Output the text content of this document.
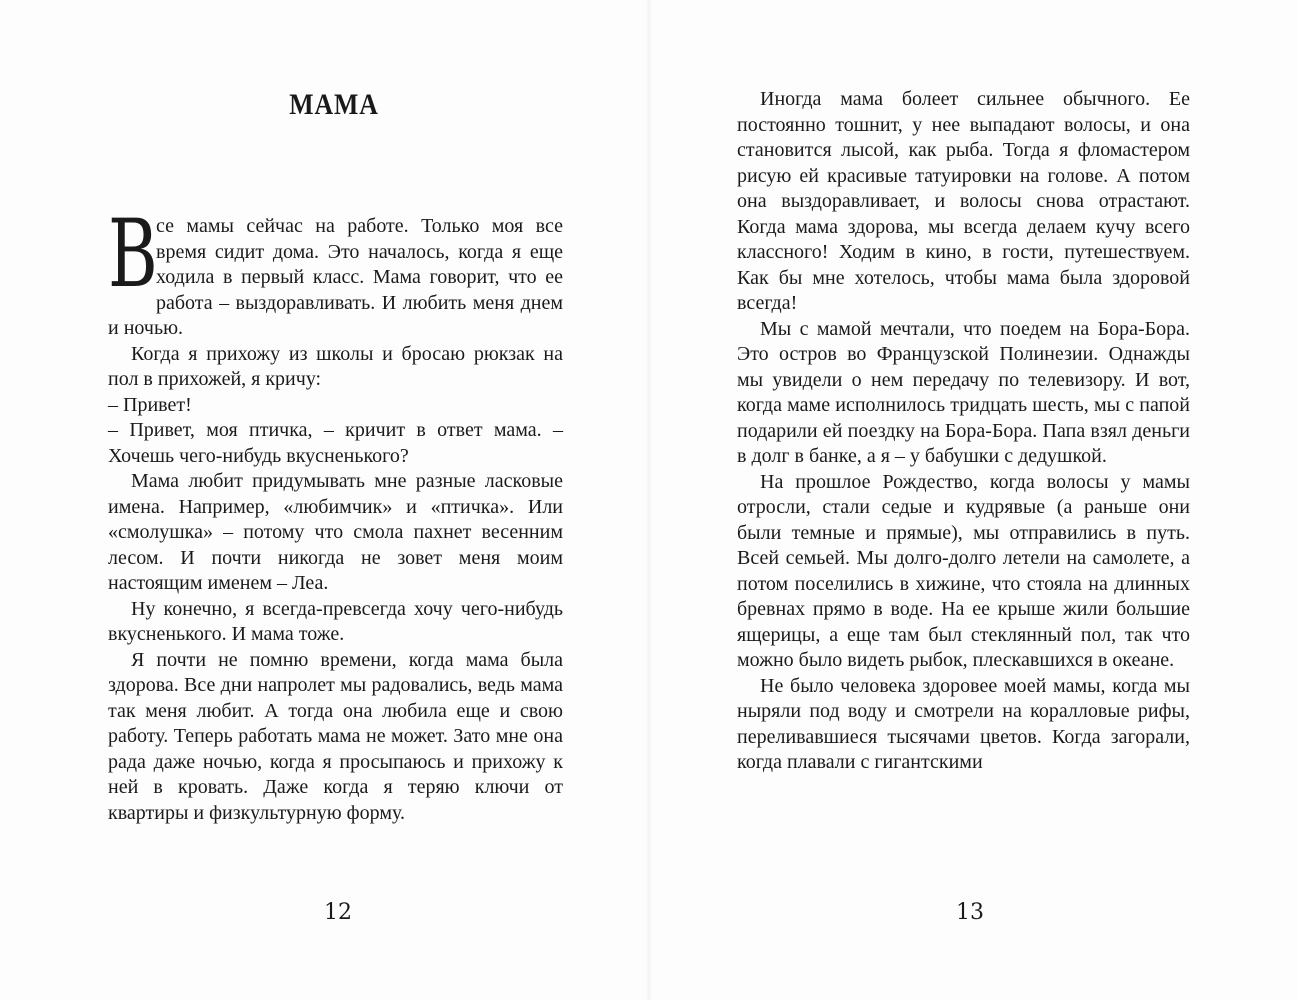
МАМА

В
се мамы сейчас на работе. Только моя все время сидит дома. Это началось, когда я еще ходила в первый класс. Мама говорит, что ее работа – выздоравливать. И любить меня днем и ночью.

Когда я прихожу из школы и бросаю рюкзак на пол в прихожей, я кричу:

– Привет!

– Привет, моя птичка, – кричит в ответ мама. – Хочешь чего-нибудь вкусненького?

Мама любит придумывать мне разные ласковые имена. Например, «любимчик» и «птичка». Или «смолушка» – потому что смола пахнет весенним лесом. И почти никогда не зовет меня моим настоящим именем – Леа.

Ну конечно, я всегда-превсегда хочу чего-нибудь вкусненького. И мама тоже.

Я почти не помню времени, когда мама была здорова. Все дни напролет мы радовались, ведь мама так меня любит. А тогда она любила еще и свою работу. Теперь работать мама не может. Зато мне она рада даже ночью, когда я просыпаюсь и прихожу к ней в кровать. Даже когда я теряю ключи от квартиры и физкультурную форму.

12

Иногда мама болеет сильнее обычного. Ее постоянно тошнит, у нее выпадают волосы, и она становится лысой, как рыба. Тогда я фломастером рисую ей красивые татуировки на голове. А потом она выздоравливает, и волосы снова отрастают. Когда мама здорова, мы всегда делаем кучу всего классного! Ходим в кино, в гости, путешествуем. Как бы мне хотелось, чтобы мама была здоровой всегда!

Мы с мамой мечтали, что поедем на Бора-Бора. Это остров во Французской Полинезии. Однажды мы увидели о нем передачу по телевизору. И вот, когда маме исполнилось тридцать шесть, мы с папой подарили ей поездку на Бора-Бора. Папа взял деньги в долг в банке, а я – у бабушки с дедушкой.

На прошлое Рождество, когда волосы у мамы отросли, стали седые и кудрявые (а раньше они были темные и прямые), мы отправились в путь. Всей семьей. Мы долго-долго летели на самолете, а потом поселились в хижине, что стояла на длинных бревнах прямо в воде. На ее крыше жили большие ящерицы, а еще там был стеклянный пол, так что можно было видеть рыбок, плескавшихся в океане.

Не было человека здоровее моей мамы, когда мы ныряли под воду и смотрели на коралловые рифы, переливавшиеся тысячами цветов. Когда загорали, когда плавали с гигантскими

13
